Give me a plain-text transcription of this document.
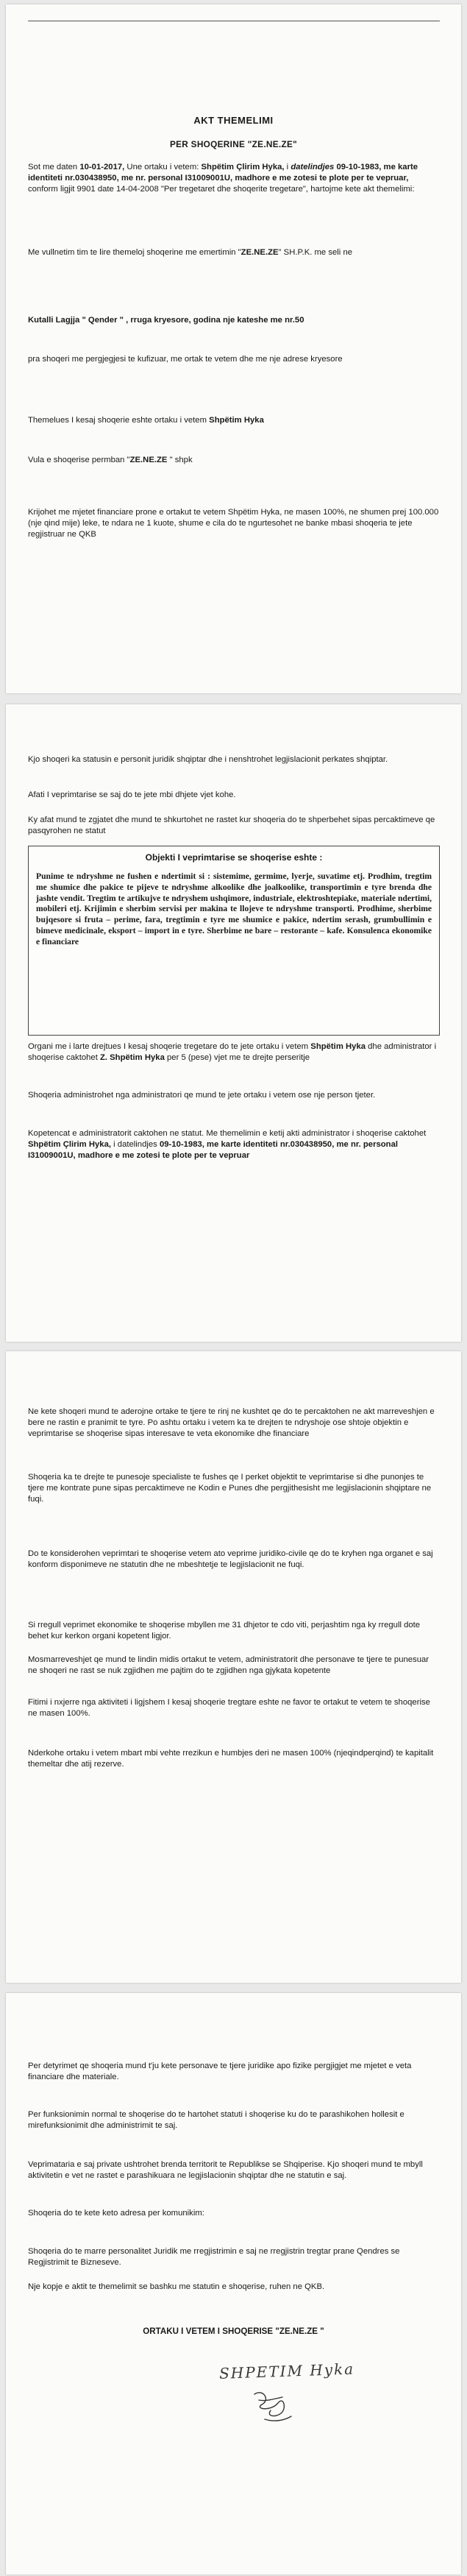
AKT THEMELIMI
PER SHOQERINE "ZE.NE.ZE"

Sot me daten 10-01-2017, Une ortaku i vetem: Shpëtim Çlirim Hyka, i datelindjes 09-10-1983, me karte identiteti nr.030438950, me nr. personal I31009001U, madhore e me zotesi te plote per te vepruar, conform ligjit 9901 date 14-04-2008 "Per tregetaret dhe shoqerite tregetare", hartojme kete akt themelimi:

Me vullnetim tim te lire themeloj shoqerine me emertimin "ZE.NE.ZE" SH.P.K. me seli ne

Kutalli Lagjja " Qender " , rruga kryesore, godina nje kateshe me nr.50

pra shoqeri me pergjegjesi te kufizuar, me ortak te vetem dhe me nje adrese kryesore

Themelues I kesaj shoqerie eshte ortaku i vetem Shpëtim Hyka

Vula e shoqerise permban "ZE.NE.ZE " shpk

Krijohet me mjetet financiare prone e ortakut te vetem Shpëtim Hyka, ne masen 100%, ne shumen prej 100.000 (nje qind mije) leke, te ndara ne 1 kuote, shume e cila do te ngurtesohet ne banke mbasi shoqeria te jete regjistruar ne QKB

Kjo shoqeri ka statusin e personit juridik shqiptar dhe i nenshtrohet legjislacionit perkates shqiptar.

Afati I veprimtarise se saj do te jete mbi dhjete vjet kohe.

Ky afat mund te zgjatet dhe mund te shkurtohet ne rastet kur shoqeria do te shperbehet sipas percaktimeve qe pasqyrohen ne statut

Objekti I veprimtarise se shoqerise eshte :
Punime te ndryshme ne fushen e ndertimit si : sistemime, germime, lyerje, suvatime etj. Prodhim, tregtim me shumice dhe pakice te pijeve te ndryshme alkoolike dhe joalkoolike, transportimin e tyre brenda dhe jashte vendit. Tregtim te artikujve te ndryshem ushqimore, industriale, elektroshtepiake, materiale ndertimi, mobileri etj. Krijimin e sherbim servisi per makina te llojeve te ndryshme transporti. Prodhime, sherbime bujqesore si fruta – perime, fara, tregtimin e tyre me shumice e pakice, ndertim serash, grumbullimin e bimeve medicinale, eksport – import in e tyre. Sherbime ne bare – restorante – kafe. Konsulenca ekonomike e financiare

Organi me i larte drejtues I kesaj shoqerie tregetare do te jete ortaku i vetem Shpëtim Hyka dhe administrator i shoqerise caktohet Z. Shpëtim Hyka per 5 (pese) vjet me te drejte perseritje

Shoqeria administrohet nga administratori qe mund te jete ortaku i vetem ose nje person tjeter.

Kopetencat e administratorit caktohen ne statut. Me themelimin e ketij akti administrator i shoqerise caktohet Shpëtim Çlirim Hyka, i datelindjes 09-10-1983, me karte identiteti nr.030438950, me nr. personal I31009001U, madhore e me zotesi te plote per te vepruar

Ne kete shoqeri mund te aderojne ortake te tjere te rinj ne kushtet qe do te percaktohen ne akt marreveshjen e bere ne rastin e pranimit te tyre. Po ashtu ortaku i vetem ka te drejten te ndryshoje ose shtoje objektin e veprimtarise se shoqerise sipas interesave te veta ekonomike dhe financiare

Shoqeria ka te drejte te punesoje specialiste te fushes qe I perket objektit te veprimtarise si dhe punonjes te tjere me kontrate pune sipas percaktimeve ne Kodin e Punes dhe pergjithesisht me legjislacionin shqiptare ne fuqi.

Do te konsiderohen veprimtari te shoqerise vetem ato veprime juridiko-civile qe do te kryhen nga organet e saj konform disponimeve ne statutin dhe ne mbeshtetje te legjislacionit ne fuqi.

Si rregull veprimet ekonomike te shoqerise mbyllen me 31 dhjetor te cdo viti, perjashtim nga ky rregull dote behet kur kerkon organi kopetent ligjor.

Mosmarreveshjet qe mund te lindin midis ortakut te vetem, administratorit dhe personave te tjere te punesuar ne shoqeri ne rast se nuk zgjidhen me pajtim do te zgjidhen nga gjykata kopetente

Fitimi i nxjerre nga aktiviteti i ligjshem I kesaj shoqerie tregtare eshte ne favor te ortakut te vetem te shoqerise ne masen 100%.

Nderkohe ortaku i vetem mbart mbi vehte rrezikun e humbjes deri ne masen 100% (njeqindperqind) te kapitalit themeltar dhe atij rezerve.

Per detyrimet qe shoqeria mund t'ju kete personave te tjere juridike apo fizike pergjigjet me mjetet e veta financiare dhe materiale.

Per funksionimin normal te shoqerise do te hartohet statuti i shoqerise ku do te parashikohen hollesit e mirefunksionimit dhe administrimit te saj.

Veprimataria e saj private ushtrohet brenda territorit te Republikse se Shqiperise. Kjo shoqeri mund te mbyll aktivitetin e vet ne rastet e parashikuara ne legjislacionin shqiptar dhe ne statutin e saj.

Shoqeria do te kete keto adresa per komunikim:

Shoqeria do te marre personalitet Juridik me rregjistrimin e saj ne rregjistrin tregtar prane Qendres se Regjistrimit te Bizneseve.

Nje kopje e aktit te themelimit se bashku me statutin e shoqerise, ruhen ne QKB.

ORTAKU I VETEM I SHOQERISE "ZE.NE.ZE "
SHPETIM Hyka
